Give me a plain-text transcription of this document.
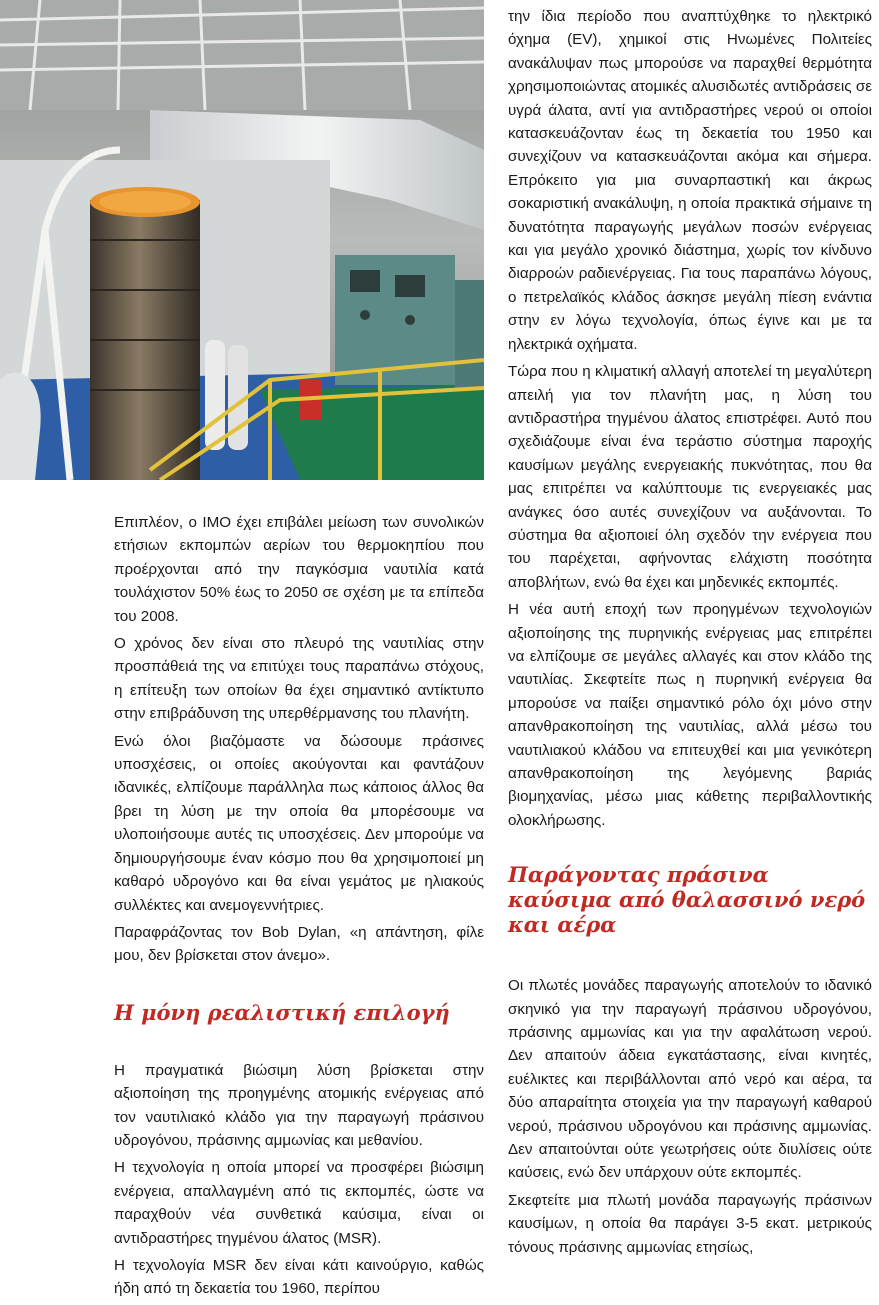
Επιπλέον, ο IMO έχει επιβάλει μείωση των συνολικών ετήσιων εκπομπών αερίων του θερμοκηπίου που προέρχονται από την παγκόσμια ναυτιλία κατά τουλάχιστον 50% έως το 2050 σε σχέση με τα επίπεδα του 2008.

Ο χρόνος δεν είναι στο πλευρό της ναυτιλίας στην προσπάθειά της να επιτύχει τους παραπάνω στόχους, η επίτευξη των οποίων θα έχει σημαντικό αντίκτυπο στην επιβράδυνση της υπερθέρμανσης του πλανήτη.

Ενώ όλοι βιαζόμαστε να δώσουμε πράσινες υποσχέσεις, οι οποίες ακούγονται και φαντάζουν ιδανικές, ελπίζουμε παράλληλα πως κάποιος άλλος θα βρει τη λύση με την οποία θα μπορέσουμε να υλοποιήσουμε αυτές τις υποσχέσεις. Δεν μπορούμε να δημιουργήσουμε έναν κόσμο που θα χρησιμοποιεί μη καθαρό υδρογόνο και θα είναι γεμάτος με ηλιακούς συλλέκτες και ανεμογεννήτριες.

Παραφράζοντας τον Bob Dylan, «η απάντηση, φίλε μου, δεν βρίσκεται στον άνεμο».

Η μόνη ρεαλιστική επιλογή

Η πραγματικά βιώσιμη λύση βρίσκεται στην αξιοποίηση της προηγμένης ατομικής ενέργειας από τον ναυτιλιακό κλάδο για την παραγωγή πράσινου υδρογόνου, πράσινης αμμωνίας και μεθανίου.

Η τεχνολογία η οποία μπορεί να προσφέρει βιώσιμη ενέργεια, απαλλαγμένη από τις εκπομπές, ώστε να παραχθούν νέα συνθετικά καύσιμα, είναι οι αντιδραστήρες τηγμένου άλατος (MSR).

Η τεχνολογία MSR δεν είναι κάτι καινούργιο, καθώς ήδη από τη δεκαετία του 1960, περίπου

την ίδια περίοδο που αναπτύχθηκε το ηλεκτρικό όχημα (EV), χημικοί στις Ηνωμένες Πολιτείες ανακάλυψαν πως μπορούσε να παραχθεί θερμότητα χρησιμοποιώντας ατομικές αλυσιδωτές αντιδράσεις σε υγρά άλατα, αντί για αντιδραστήρες νερού οι οποίοι κατασκευάζονταν έως τη δεκαετία του 1950 και συνεχίζουν να κατασκευάζονται ακόμα και σήμερα. Επρόκειτο για μια συναρπαστική και άκρως σοκαριστική ανακάλυψη, η οποία πρακτικά σήμαινε τη δυνατότητα παραγωγής μεγάλων ποσών ενέργειας και για μεγάλο χρονικό διάστημα, χωρίς τον κίνδυνο διαρροών ραδιενέργειας. Για τους παραπάνω λόγους, ο πετρελαϊκός κλάδος άσκησε μεγάλη πίεση ενάντια στην εν λόγω τεχνολογία, όπως έγινε και με τα ηλεκτρικά οχήματα.

Τώρα που η κλιματική αλλαγή αποτελεί τη μεγαλύτερη απειλή για τον πλανήτη μας, η λύση του αντιδραστήρα τηγμένου άλατος επιστρέφει. Αυτό που σχεδιάζουμε είναι ένα τεράστιο σύστημα παροχής καυσίμων μεγάλης ενεργειακής πυκνότητας, που θα μας επιτρέπει να καλύπτουμε τις ενεργειακές μας ανάγκες όσο αυτές συνεχίζουν να αυξάνονται. Το σύστημα θα αξιοποιεί όλη σχεδόν την ενέργεια που του παρέχεται, αφήνοντας ελάχιστη ποσότητα αποβλήτων, ενώ θα έχει και μηδενικές εκπομπές.

Η νέα αυτή εποχή των προηγμένων τεχνολογιών αξιοποίησης της πυρηνικής ενέργειας μας επιτρέπει να ελπίζουμε σε μεγάλες αλλαγές και στον κλάδο της ναυτιλίας. Σκεφτείτε πως η πυρηνική ενέργεια θα μπορούσε να παίξει σημαντικό ρόλο όχι μόνο στην απανθρακοποίηση της ναυτιλίας, αλλά μέσω του ναυτιλιακού κλάδου να επιτευχθεί και μια γενικότερη απανθρακοποίηση της λεγόμενης βαριάς βιομηχανίας, μέσω μιας κάθετης περιβαλλοντικής ολοκλήρωσης.

Παράγοντας πράσινα καύσιμα από θαλασσινό νερό και αέρα

Οι πλωτές μονάδες παραγωγής αποτελούν το ιδανικό σκηνικό για την παραγωγή πράσινου υδρογόνου, πράσινης αμμωνίας και για την αφαλάτωση νερού. Δεν απαιτούν άδεια εγκατάστασης, είναι κινητές, ευέλικτες και περιβάλλονται από νερό και αέρα, τα δύο απαραίτητα στοιχεία για την παραγωγή καθαρού νερού, πράσινου υδρογόνου και πράσινης αμμωνίας. Δεν απαιτούνται ούτε γεωτρήσεις ούτε διυλίσεις ούτε καύσεις, ενώ δεν υπάρχουν ούτε εκπομπές.

Σκεφτείτε μια πλωτή μονάδα παραγωγής πράσινων καυσίμων, η οποία θα παράγει 3-5 εκατ. μετρικούς τόνους πράσινης αμμωνίας ετησίως,
